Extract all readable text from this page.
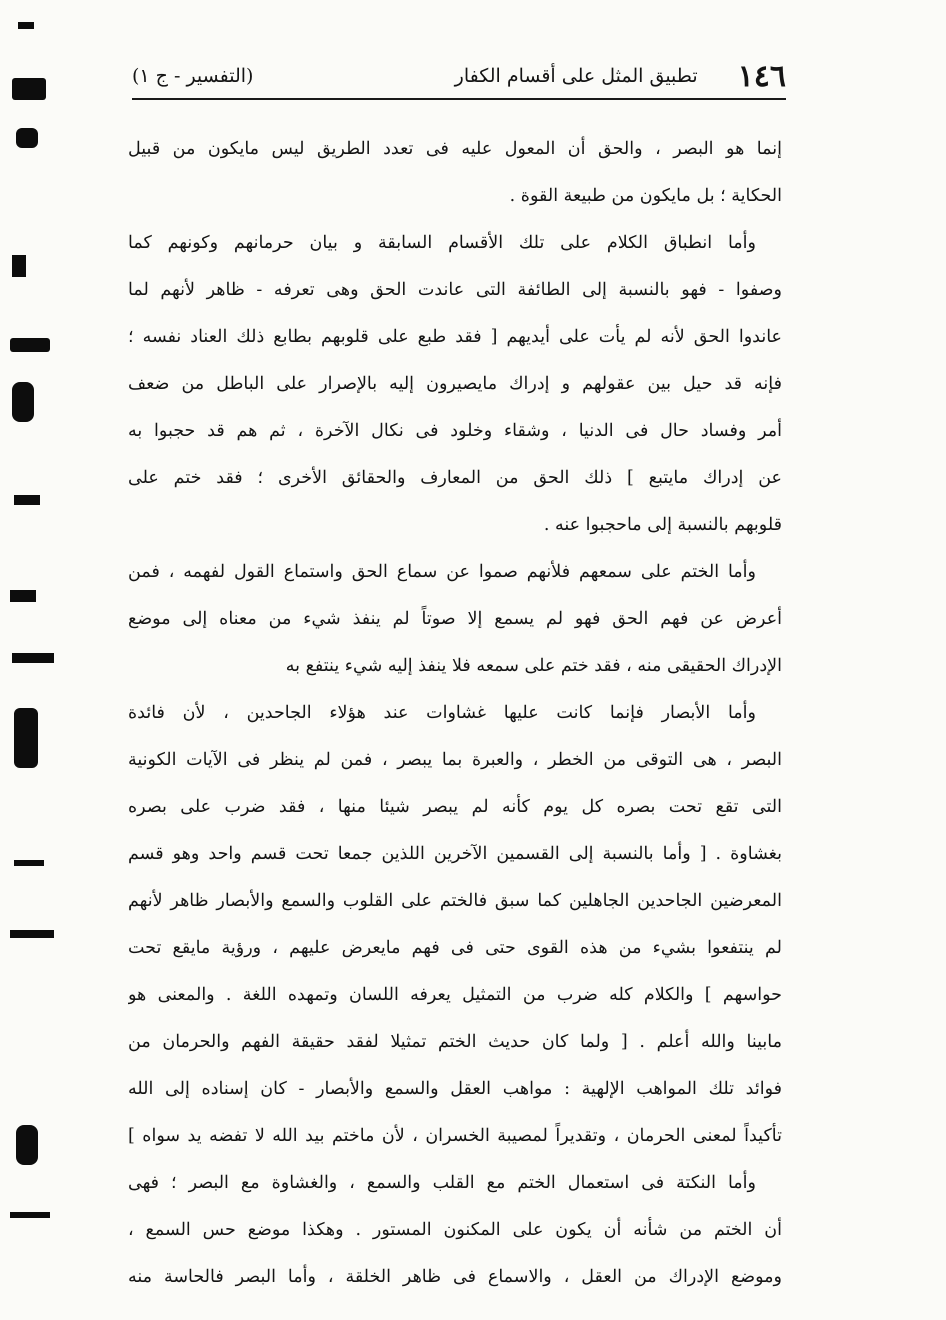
١٤٦
تطبيق المثل على أقسام الكفار
(التفسير - ج ١)
إنما هو البصر ، والحق أن المعول عليه فى تعدد الطريق ليس مايكون من قبيل
الحكاية ؛ بل مايكون من طبيعة القوة .
وأما انطباق الكلام على تلك الأقسام السابقة و بيان حرمانهم وكونهم كما
وصفوا - فهو بالنسبة إلى الطائفة التى عاندت الحق وهى تعرفه - ظاهر لأنهم لما
عاندوا الحق لأنه لم يأت على أيديهم [ فقد طبع على قلوبهم بطابع ذلك العناد نفسه ؛
فإنه قد حيل بين عقولهم و إدراك مايصيرون إليه بالإصرار على الباطل من ضعف
أمر وفساد حال فى الدنيا ، وشقاء وخلود فى نكال الآخرة ، ثم هم قد حجبوا به
عن إدراك مايتبع ] ذلك الحق من المعارف والحقائق الأخرى ؛ فقد ختم على
قلوبهم بالنسبة إلى ماحجبوا عنه .
وأما الختم على سمعهم فلأنهم صموا عن سماع الحق واستماع القول لفهمه ، فمن
أعرض عن فهم الحق فهو لم يسمع إلا صوتاً لم ينفذ شيء من معناه إلى موضع
الإدراك الحقيقى منه ، فقد ختم على سمعه فلا ينفذ إليه شيء ينتفع به
وأما الأبصار فإنما كانت عليها غشاوات عند هؤلاء الجاحدين ، لأن فائدة
البصر ، هى التوقى من الخطر ، والعبرة بما يبصر ، فمن لم ينظر فى الآيات الكونية
التى تقع تحت بصره كل يوم كأنه لم يبصر شيئا منها ، فقد ضرب على بصره
بغشاوة . [ وأما بالنسبة إلى القسمين الآخرين اللذين جمعا تحت قسم واحد وهو قسم
المعرضين الجاحدين الجاهلين كما سبق فالختم على القلوب والسمع والأبصار ظاهر لأنهم
لم ينتفعوا بشيء من هذه القوى حتى فى فهم مايعرض عليهم ، ورؤية مايقع تحت
حواسهم ] والكلام كله ضرب من التمثيل يعرفه اللسان وتمهده اللغة . والمعنى هو
مابينا والله أعلم . [ ولما كان حديث الختم تمثيلا لفقد حقيقة الفهم والحرمان من
فوائد تلك المواهب الإلهية : مواهب العقل والسمع والأبصار - كان إسناده إلى الله
تأكيداً لمعنى الحرمان ، وتقديراً لمصيبة الخسران ، لأن ماختم بيد الله لا تفضه يد سواه ]
وأما النكتة فى استعمال الختم مع القلب والسمع ، والغشاوة مع البصر ؛ فهى
أن الختم من شأنه أن يكون على المكنون المستور . وهكذا موضع حس السمع ،
وموضع الإدراك من العقل ، والاسماع فى ظاهر الخلقة ، وأما البصر فالحاسة منه
